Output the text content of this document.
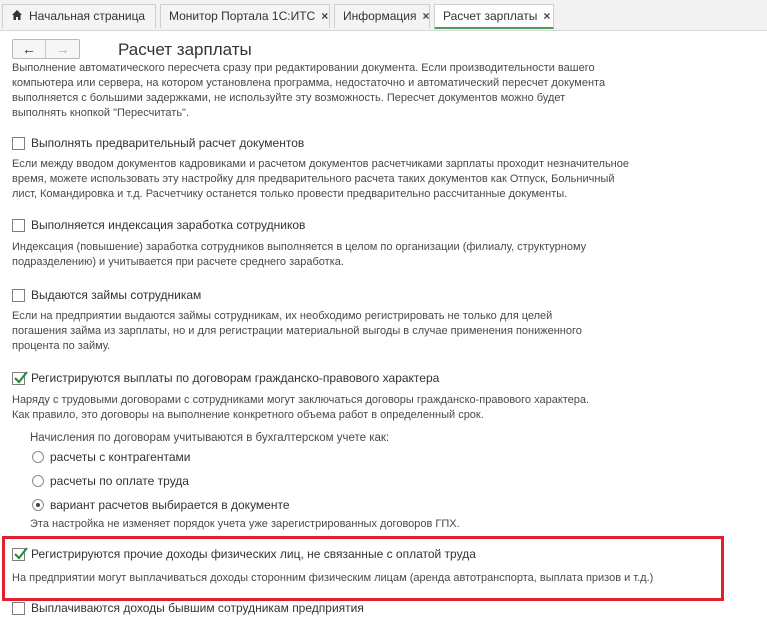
Начальная страница	Монитор Портала 1С:ИТС ×	Информация ×	Расчет зарплаты ×
←	→	Расчет зарплаты
Выполнение автоматического пересчета сразу при редактировании документа. Если производительности вашего
компьютера или сервера, на котором установлена программа, недостаточно и автоматический пересчет документа
выполняется с большими задержками, не используйте эту возможность. Пересчет документов можно будет
выполнять кнопкой "Пересчитать".
Выполнять предварительный расчет документов
Если между вводом документов кадровиками и расчетом документов расчетчиками зарплаты проходит незначительное
время, можете использовать эту настройку для предварительного расчета таких документов как Отпуск, Больничный
лист, Командировка и т.д. Расчетчику останется только провести предварительно рассчитанные документы.
Выполняется индексация заработка сотрудников
Индексация (повышение) заработка сотрудников выполняется в целом по организации (филиалу, структурному
подразделению) и учитывается при расчете среднего заработка.
Выдаются займы сотрудникам
Если на предприятии выдаются займы сотрудникам, их необходимо регистрировать не только для целей
погашения займа из зарплаты, но и для регистрации материальной выгоды в случае применения пониженного
процента по займу.
Регистрируются выплаты по договорам гражданско-правового характера
Наряду с трудовыми договорами с сотрудниками могут заключаться договоры гражданско-правового характера.
Как правило, это договоры на выполнение конкретного объема работ в определенный срок.
Начисления по договорам учитываются в бухгалтерском учете как:
расчеты с контрагентами
расчеты по оплате труда
вариант расчетов выбирается в документе
Эта настройка не изменяет порядок учета уже зарегистрированных договоров ГПХ.
Регистрируются прочие доходы физических лиц, не связанные с оплатой труда
На предприятии могут выплачиваться доходы сторонним физическим лицам (аренда автотранспорта, выплата призов и т.д.)
Выплачиваются доходы бывшим сотрудникам предприятия
